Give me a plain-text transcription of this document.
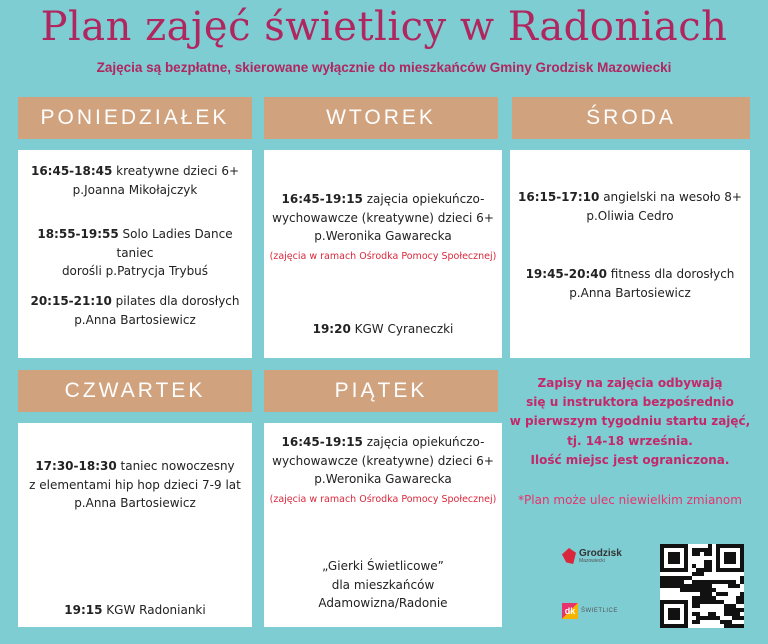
Plan zajęć świetlicy w Radoniach
Zajęcia są bezpłatne, skierowane wyłącznie do mieszkańców Gminy Grodzisk Mazowiecki
PONIEDZIAŁEK
16:45-18:45 kreatywne dzieci 6+
p.Joanna Mikołajczyk
18:55-19:55 Solo Ladies Dance taniec
dorośli p.Patrycja Trybuś
20:15-21:10 pilates dla dorosłych
p.Anna Bartosiewicz
WTOREK
16:45-19:15 zajęcia opiekuńczo-
wychowawcze (kreatywne) dzieci 6+
p.Weronika Gawarecka
(zajęcia w ramach Ośrodka Pomocy Społecznej)
19:20 KGW Cyraneczki
ŚRODA
16:15-17:10 angielski na wesoło 8+
p.Oliwia Cedro
19:45-20:40 fitness dla dorosłych
p.Anna Bartosiewicz
CZWARTEK
17:30-18:30 taniec nowoczesny
z elementami hip hop dzieci 7-9 lat
p.Anna Bartosiewicz
19:15 KGW Radonianki
PIĄTEK
16:45-19:15 zajęcia opiekuńczo-
wychowawcze (kreatywne) dzieci 6+
p.Weronika Gawarecka
(zajęcia w ramach Ośrodka Pomocy Społecznej)
„Gierki Świetlicowe”
dla mieszkańców
Adamowizna/Radonie
Zapisy na zajęcia odbywają
się u instruktora bezpośrednio
w pierwszym tygodniu startu zajęć,
tj. 14-18 września.
Ilość miejsc jest ograniczona.
*Plan może ulec niewielkim zmianom
Grodzisk
Mazowiecki
dk ŚWIETLICE
